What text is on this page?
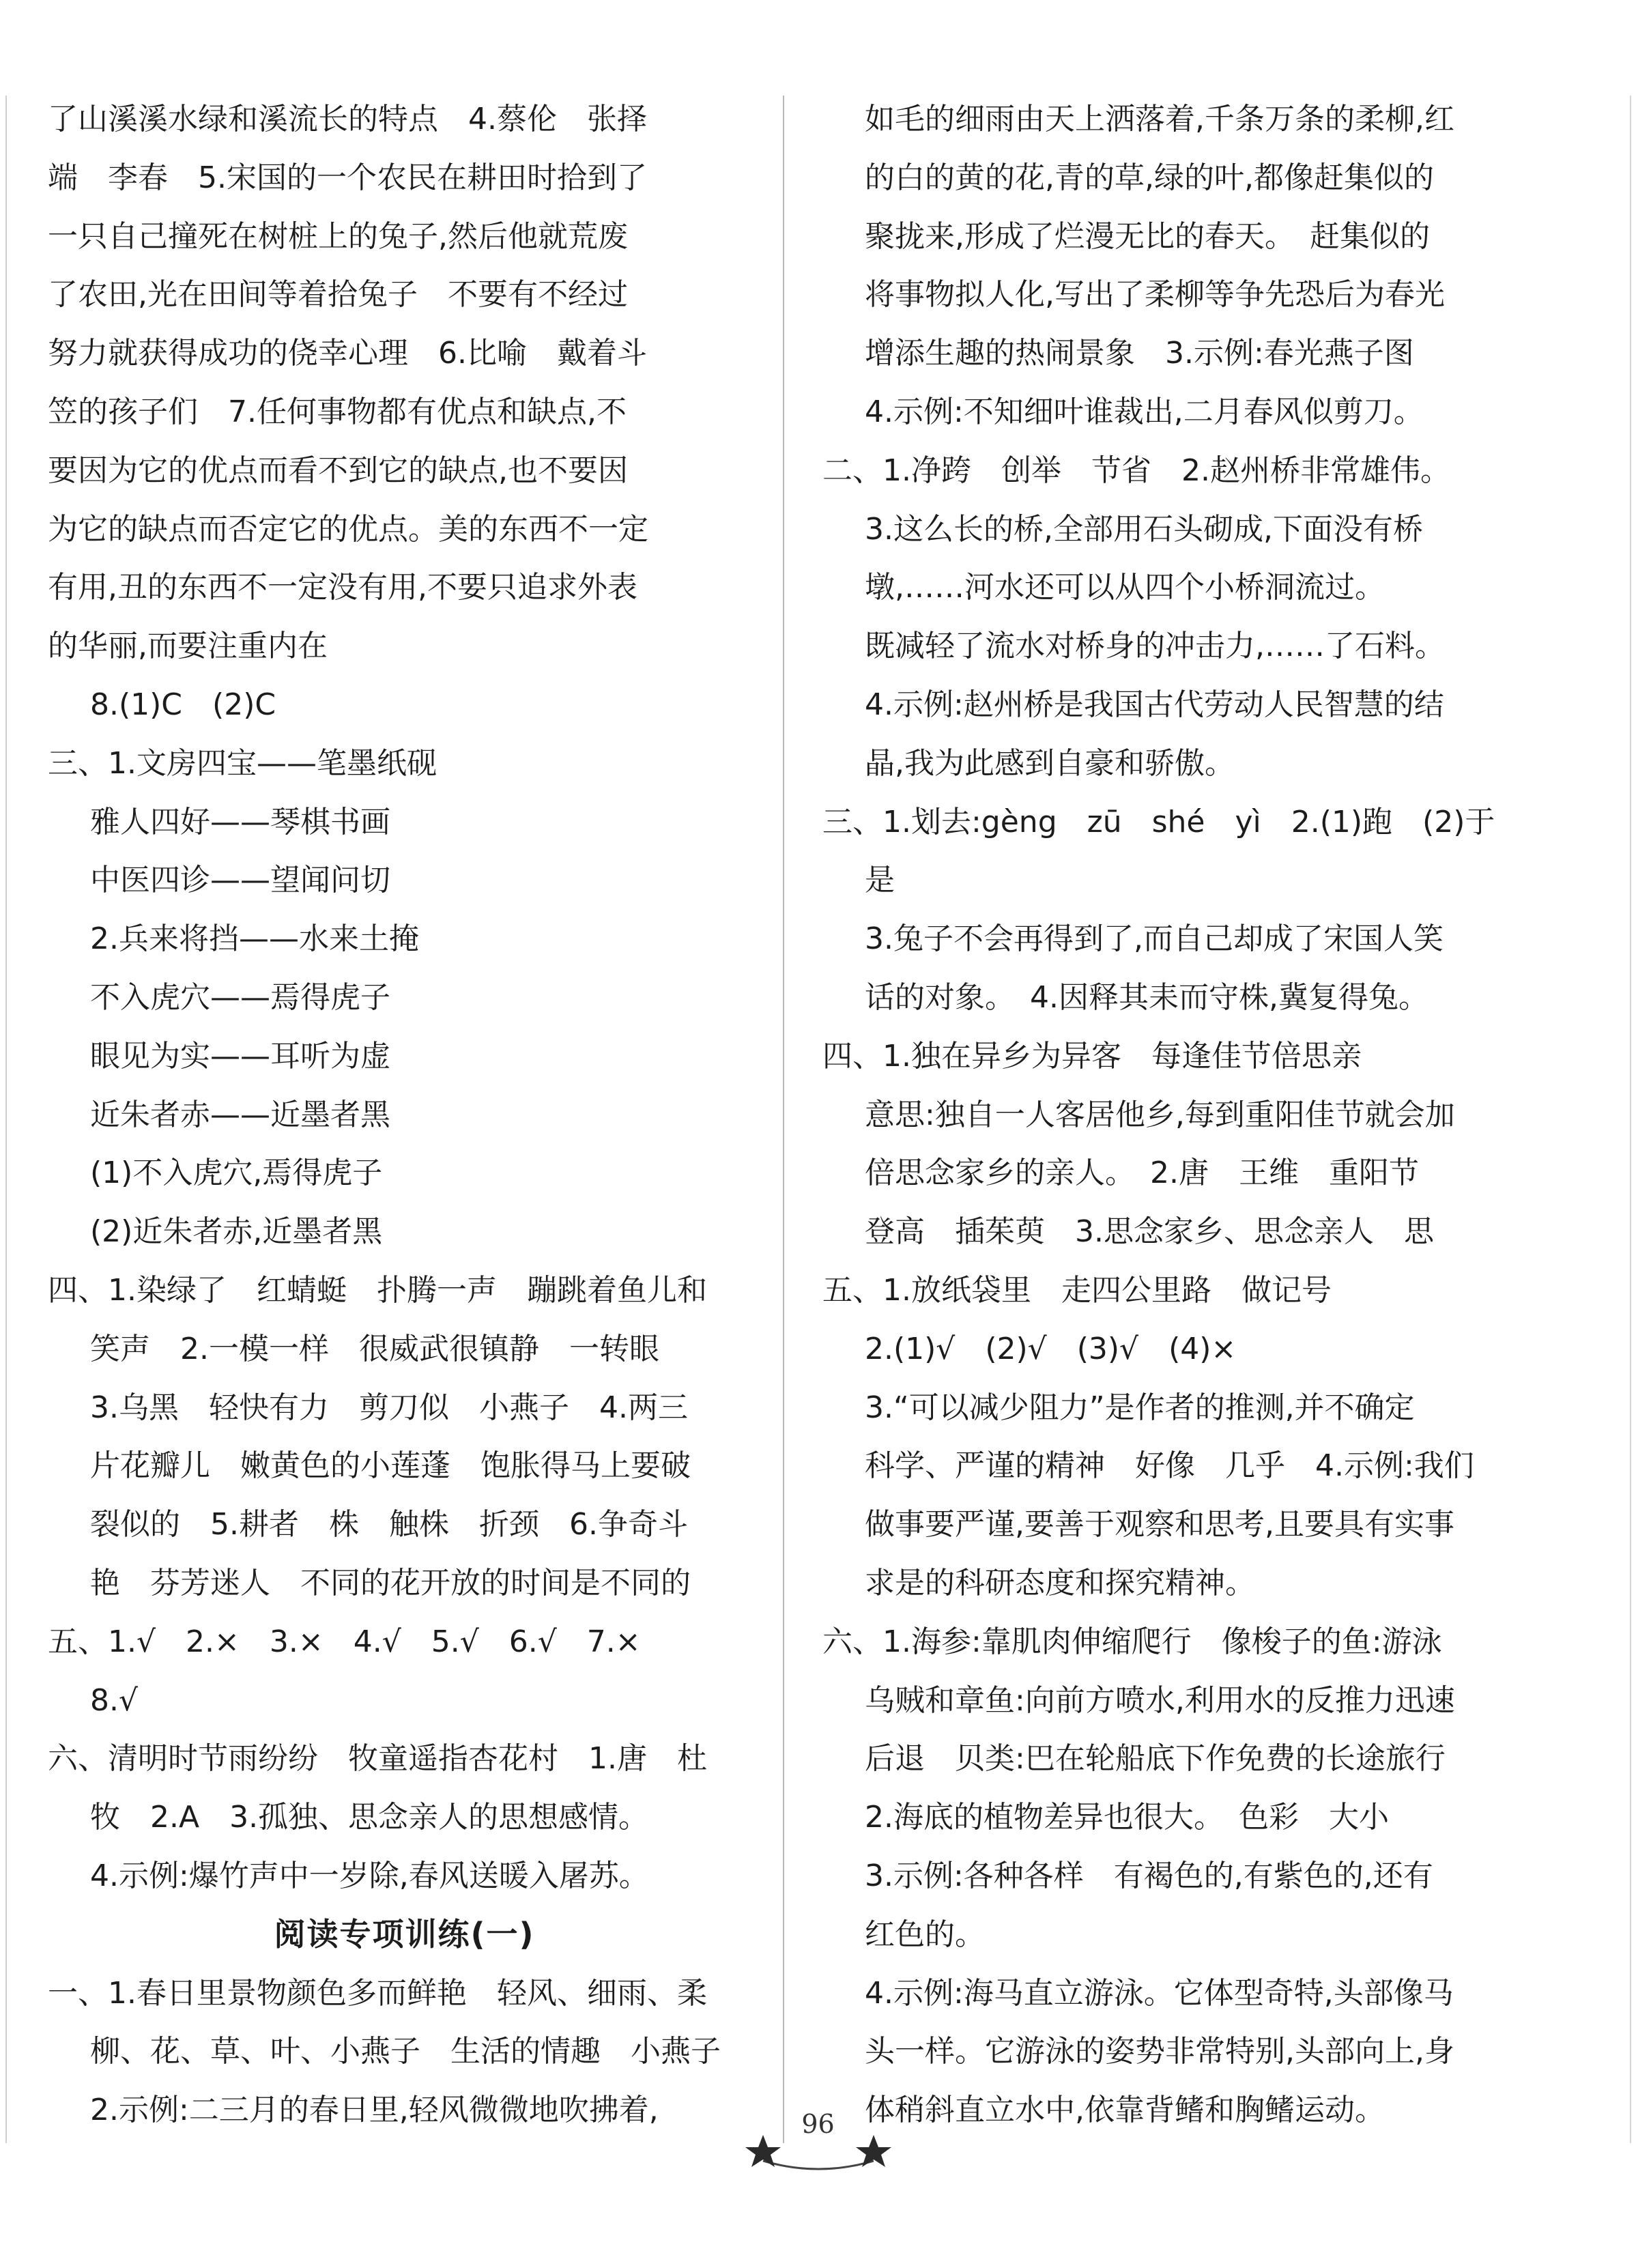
了山溪溪水绿和溪流长的特点　4.蔡伦　张择
端　李春　5.宋国的一个农民在耕田时拾到了
一只自己撞死在树桩上的兔子,然后他就荒废
了农田,光在田间等着拾兔子　不要有不经过
努力就获得成功的侥幸心理　6.比喻　戴着斗
笠的孩子们　7.任何事物都有优点和缺点,不
要因为它的优点而看不到它的缺点,也不要因
为它的缺点而否定它的优点。美的东西不一定
有用,丑的东西不一定没有用,不要只追求外表
的华丽,而要注重内在
8.(1)C　(2)C
三、1.文房四宝——笔墨纸砚
雅人四好——琴棋书画
中医四诊——望闻问切
2.兵来将挡——水来土掩
不入虎穴——焉得虎子
眼见为实——耳听为虚
近朱者赤——近墨者黑
(1)不入虎穴,焉得虎子
(2)近朱者赤,近墨者黑
四、1.染绿了　红蜻蜓　扑腾一声　蹦跳着鱼儿和
笑声　2.一模一样　很威武很镇静　一转眼
3.乌黑　轻快有力　剪刀似　小燕子　4.两三
片花瓣儿　嫩黄色的小莲蓬　饱胀得马上要破
裂似的　5.耕者　株　触株　折颈　6.争奇斗
艳　芬芳迷人　不同的花开放的时间是不同的
五、1.√　2.×　3.×　4.√　5.√　6.√　7.×
8.√
六、清明时节雨纷纷　牧童遥指杏花村　1.唐　杜
牧　2.A　3.孤独、思念亲人的思想感情。
4.示例:爆竹声中一岁除,春风送暖入屠苏。
阅读专项训练(一)
一、1.春日里景物颜色多而鲜艳　轻风、细雨、柔
柳、花、草、叶、小燕子　生活的情趣　小燕子
2.示例:二三月的春日里,轻风微微地吹拂着,
如毛的细雨由天上洒落着,千条万条的柔柳,红
的白的黄的花,青的草,绿的叶,都像赶集似的
聚拢来,形成了烂漫无比的春天。　赶集似的
将事物拟人化,写出了柔柳等争先恐后为春光
增添生趣的热闹景象　3.示例:春光燕子图
4.示例:不知细叶谁裁出,二月春风似剪刀。
二、1.净跨　创举　节省　2.赵州桥非常雄伟。
3.这么长的桥,全部用石头砌成,下面没有桥
墩,……河水还可以从四个小桥洞流过。
既减轻了流水对桥身的冲击力,……了石料。
4.示例:赵州桥是我国古代劳动人民智慧的结
晶,我为此感到自豪和骄傲。
三、1.划去:gèng　zū　shé　yì　2.(1)跑　(2)于
是
3.兔子不会再得到了,而自己却成了宋国人笑
话的对象。　4.因释其耒而守株,冀复得兔。
四、1.独在异乡为异客　每逢佳节倍思亲
意思:独自一人客居他乡,每到重阳佳节就会加
倍思念家乡的亲人。　2.唐　王维　重阳节
登高　插茱萸　3.思念家乡、思念亲人　思
五、1.放纸袋里　走四公里路　做记号
2.(1)√　(2)√　(3)√　(4)×
3.“可以减少阻力”是作者的推测,并不确定
科学、严谨的精神　好像　几乎　4.示例:我们
做事要严谨,要善于观察和思考,且要具有实事
求是的科研态度和探究精神。
六、1.海参:靠肌肉伸缩爬行　像梭子的鱼:游泳
乌贼和章鱼:向前方喷水,利用水的反推力迅速
后退　贝类:巴在轮船底下作免费的长途旅行
2.海底的植物差异也很大。　色彩　大小
3.示例:各种各样　有褐色的,有紫色的,还有
红色的。
4.示例:海马直立游泳。它体型奇特,头部像马
头一样。它游泳的姿势非常特别,头部向上,身
体稍斜直立水中,依靠背鳍和胸鳍运动。
96
